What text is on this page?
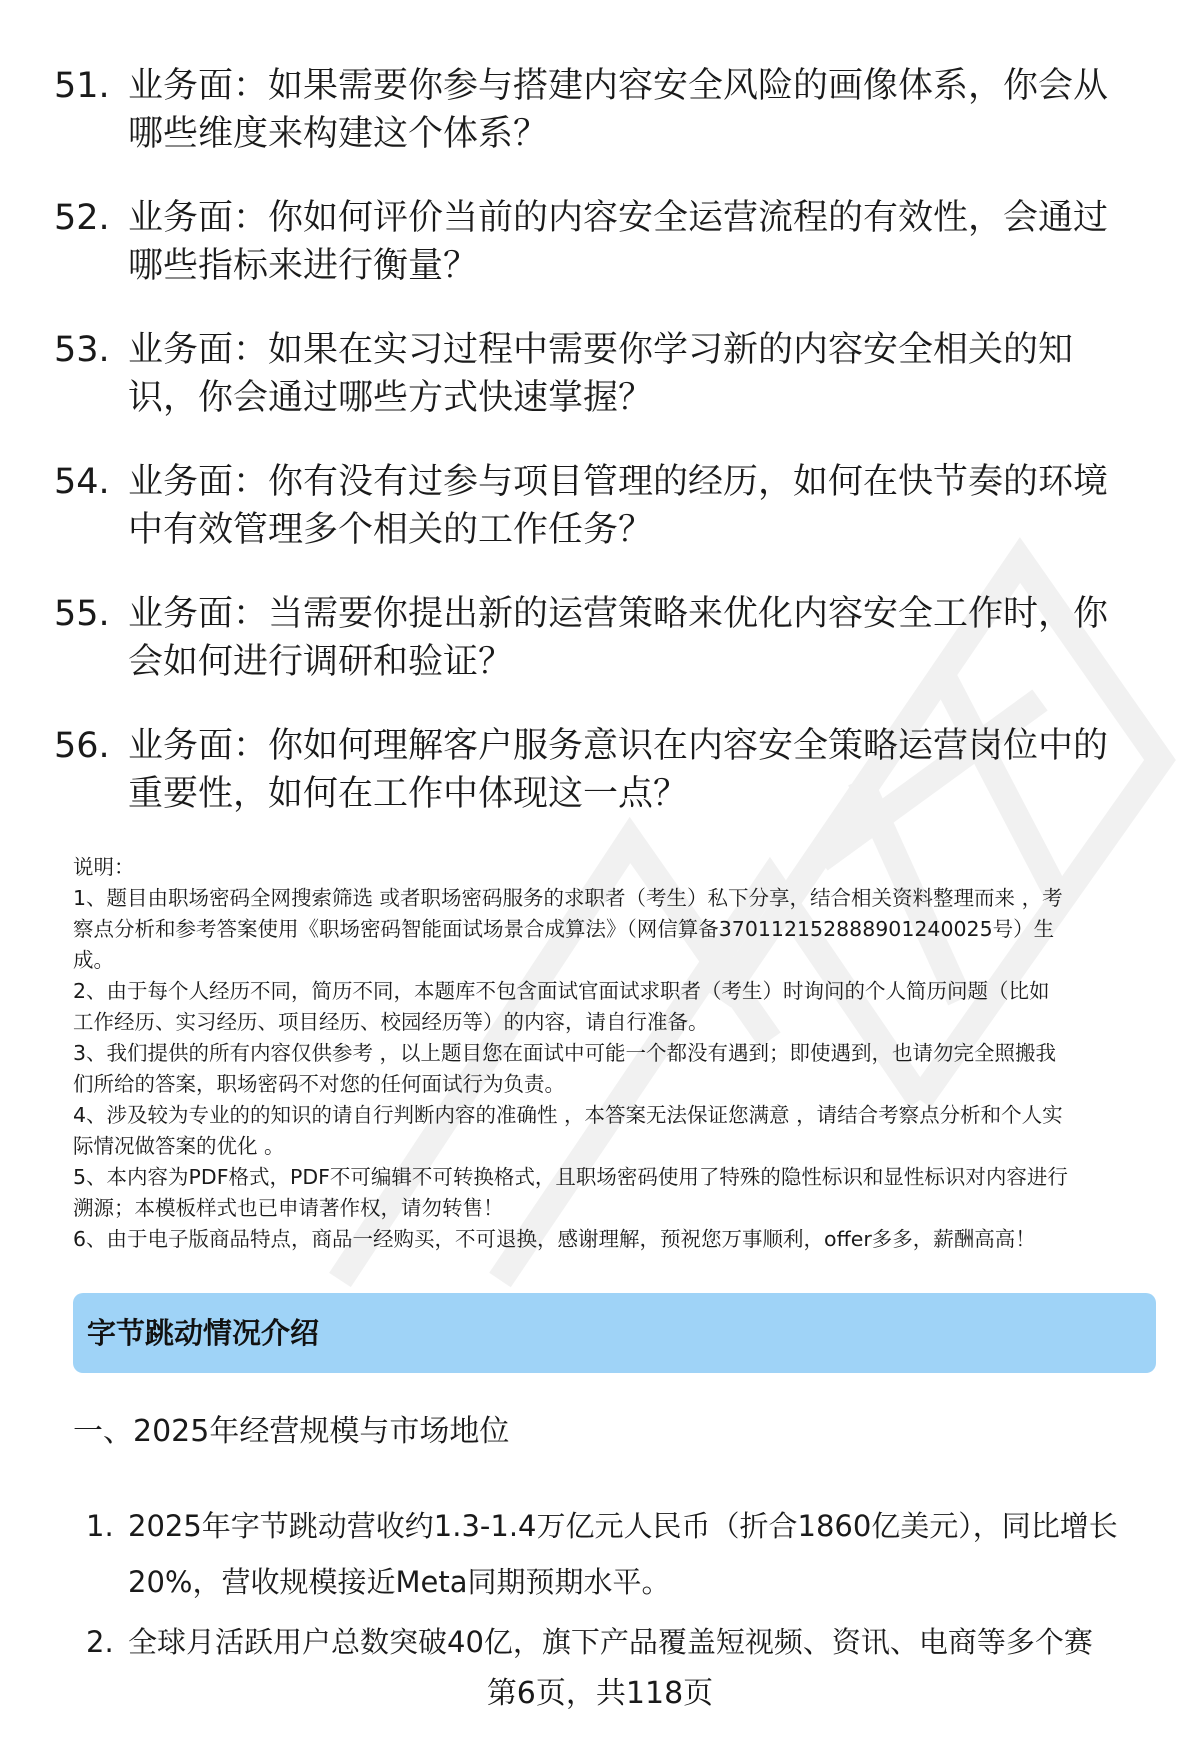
51. 业务面：如果需要你参与搭建内容安全风险的画像体系，你会从
哪些维度来构建这个体系？
52. 业务面：你如何评价当前的内容安全运营流程的有效性，会通过
哪些指标来进行衡量？
53. 业务面：如果在实习过程中需要你学习新的内容安全相关的知
识，你会通过哪些方式快速掌握？
54. 业务面：你有没有过参与项目管理的经历，如何在快节奏的环境
中有效管理多个相关的工作任务？
55. 业务面：当需要你提出新的运营策略来优化内容安全工作时，你
会如何进行调研和验证？
56. 业务面：你如何理解客户服务意识在内容安全策略运营岗位中的
重要性，如何在工作中体现这一点？

说明：

1、题目由职场密码全网搜索筛选 或者职场密码服务的求职者（考生）私下分享，结合相关资料整理而来 ，考

察点分析和参考答案使用《职场密码智能面试场景合成算法》（网信算备370112152888901240025号）生

成。

2、由于每个人经历不同，简历不同，本题库不包含面试官面试求职者（考生）时询问的个人简历问题（比如

工作经历、实习经历、项目经历、校园经历等）的内容，请自行准备。

3、我们提供的所有内容仅供参考 ，以上题目您在面试中可能一个都没有遇到；即使遇到，也请勿完全照搬我

们所给的答案，职场密码不对您的任何面试行为负责。

4、涉及较为专业的的知识的请自行判断内容的准确性 ，本答案无法保证您满意 ，请结合考察点分析和个人实

际情况做答案的优化 。

5、本内容为PDF格式，PDF不可编辑不可转换格式，且职场密码使用了特殊的隐性标识和显性标识对内容进行

溯源；本模板样式也已申请著作权，请勿转售！

6、由于电子版商品特点，商品一经购买，不可退换，感谢理解，预祝您万事顺利，offer多多，薪酬高高！

字节跳动情况介绍
一、2025年经营规模与市场地位
1. 2025年字节跳动营收约1.3-1.4万亿元人民币（折合1860亿美元），同比增长
20%，营收规模接近Meta同期预期水平。
2. 全球月活跃用户总数突破40亿，旗下产品覆盖短视频、资讯、电商等多个赛
第6页，共118页
